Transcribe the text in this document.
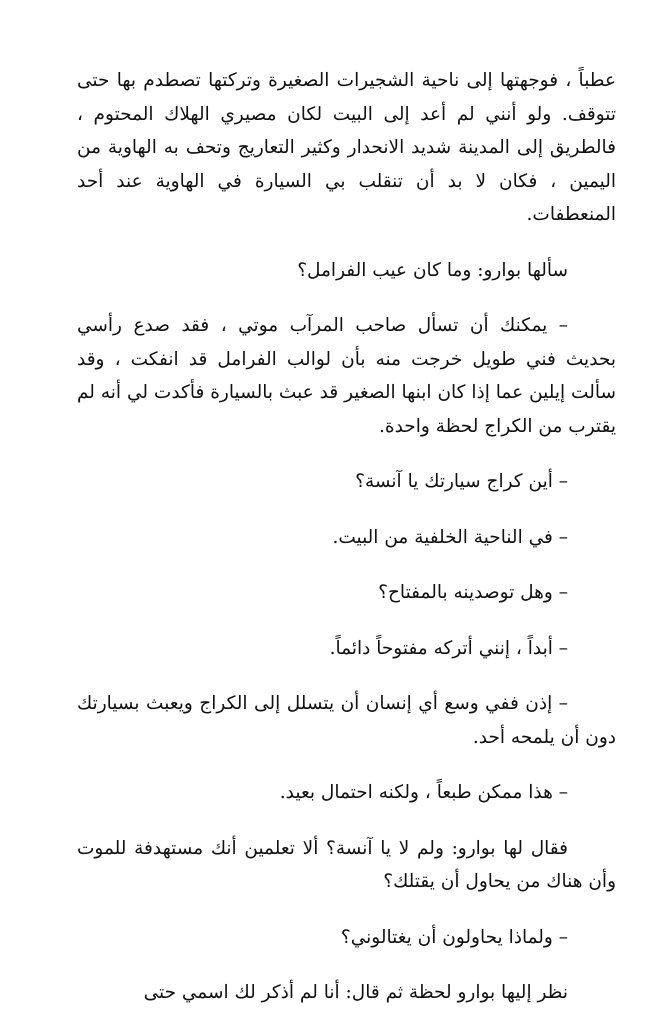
عطباً ، فوجهتها إلى ناحية الشجيرات الصغيرة وتركتها تصطدم بها حتى تتوقف. ولو أنني لم أعد إلى البيت لكان مصيري الهلاك المحتوم ، فالطريق إلى المدينة شديد الانحدار وكثير التعاريج وتحف به الهاوية من اليمين ، فكان لا بد أن تنقلب بي السيارة في الهاوية عند أحد المنعطفات.

سألها بوارو: وما كان عيب الفرامل؟

– يمكنك أن تسأل صاحب المرآب موتي ، فقد صدع رأسي بحديث فني طويل خرجت منه بأن لوالب الفرامل قد انفكت ، وقد سألت إيلين عما إذا كان ابنها الصغير قد عبث بالسيارة فأكدت لي أنه لم يقترب من الكراج لحظة واحدة.

– أين كراج سيارتك يا آنسة؟

– في الناحية الخلفية من البيت.

– وهل توصدينه بالمفتاح؟

– أبداً ، إنني أتركه مفتوحاً دائماً.

– إذن ففي وسع أي إنسان أن يتسلل إلى الكراج ويعبث بسيارتك دون أن يلمحه أحد.

– هذا ممكن طبعاً ، ولكنه احتمال بعيد.

فقال لها بوارو: ولم لا يا آنسة؟ ألا تعلمين أنك مستهدفة للموت وأن هناك من يحاول أن يقتلك؟

– ولماذا يحاولون أن يغتالوني؟

نظر إليها بوارو لحظة ثم قال: أنا لم أذكر لك اسمي حتى
